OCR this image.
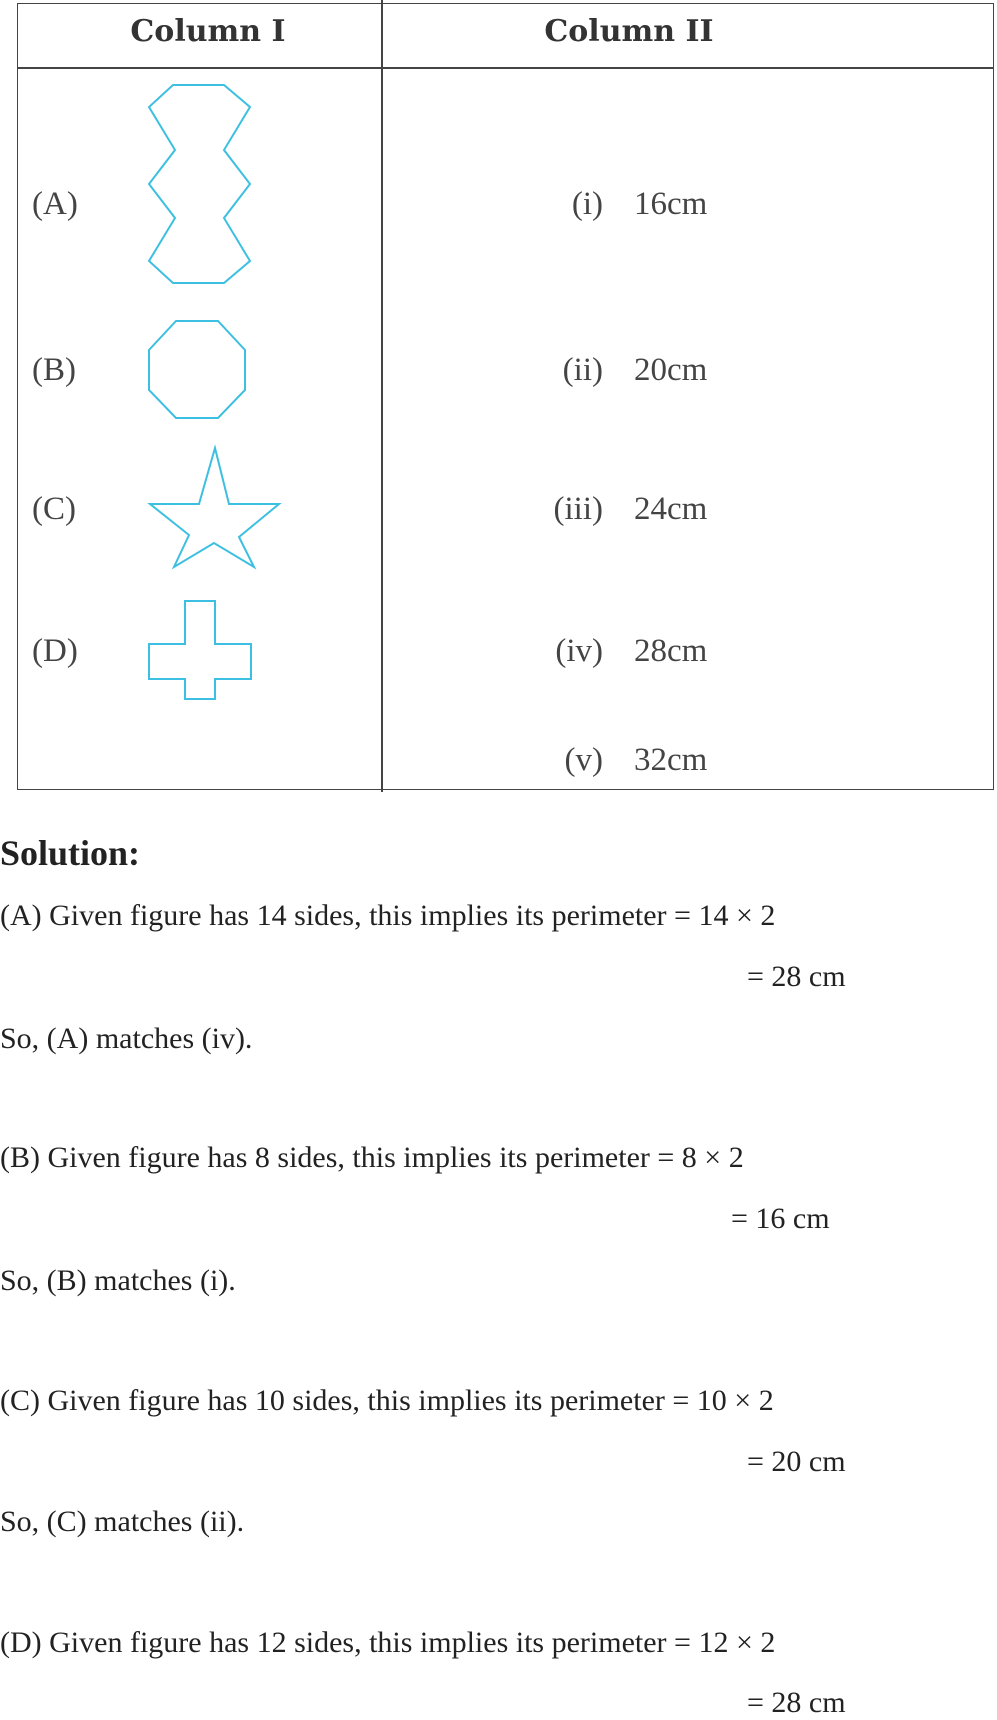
Column I	Column II
(A)
(B)
(C)
(D)
(i) 16cm
(ii) 20cm
(iii) 24cm
(iv) 28cm
(v) 32cm
Solution:
(A) Given figure has 14 sides, this implies its perimeter = 14 × 2
= 28 cm
So, (A) matches (iv).
(B) Given figure has 8 sides, this implies its perimeter = 8 × 2
= 16 cm
So, (B) matches (i).
(C) Given figure has 10 sides, this implies its perimeter = 10 × 2
= 20 cm
So, (C) matches (ii).
(D) Given figure has 12 sides, this implies its perimeter = 12 × 2
= 28 cm
